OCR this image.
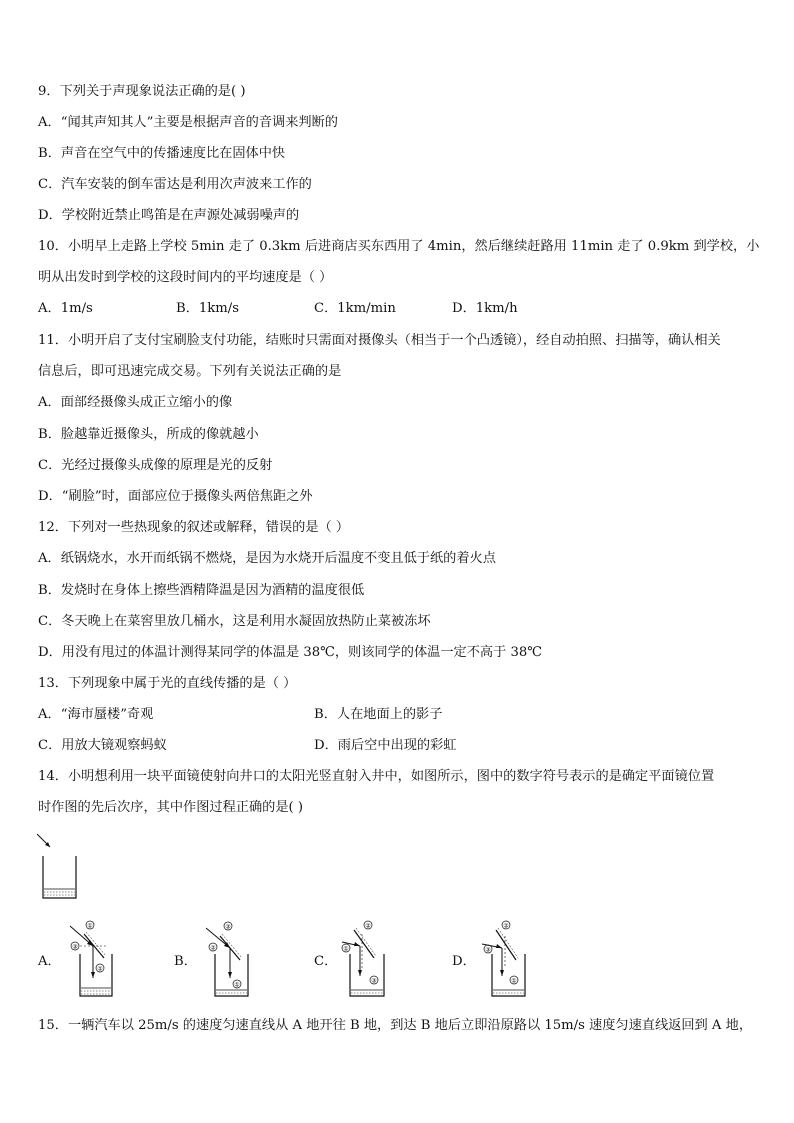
9．下列关于声现象说法正确的是( )
A．“闻其声知其人”主要是根据声音的音调来判断的
B．声音在空气中的传播速度比在固体中快
C．汽车安装的倒车雷达是利用次声波来工作的
D．学校附近禁止鸣笛是在声源处减弱噪声的
10．小明早上走路上学校 5min 走了 0.3km 后进商店买东西用了 4min，然后继续赶路用 11min 走了 0.9km 到学校，小
明从出发时到学校的这段时间内的平均速度是（ ）
A．1m/s	B．1km/s	C．1km/min	D．1km/h
11．小明开启了支付宝刷脸支付功能，结账时只需面对摄像头（相当于一个凸透镜），经自动拍照、扫描等，确认相关
信息后，即可迅速完成交易。下列有关说法正确的是
A．面部经摄像头成正立缩小的像
B．脸越靠近摄像头，所成的像就越小
C．光经过摄像头成像的原理是光的反射
D．“刷脸”时，面部应位于摄像头两倍焦距之外
12．下列对一些热现象的叙述或解释，错误的是（ ）
A．纸锅烧水，水开而纸锅不燃烧，是因为水烧开后温度不变且低于纸的着火点
B．发烧时在身体上擦些酒精降温是因为酒精的温度很低
C．冬天晚上在菜窖里放几桶水，这是利用水凝固放热防止菜被冻坏
D．用没有甩过的体温计测得某同学的体温是 38℃，则该同学的体温一定不高于 38℃
13．下列现象中属于光的直线传播的是（ ）
A．“海市蜃楼”奇观	B．人在地面上的影子
C．用放大镜观察蚂蚁	D．雨后空中出现的彩虹
14．小明想利用一块平面镜使射向井口的太阳光竖直射入井中，如图所示，图中的数字符号表示的是确定平面镜位置
时作图的先后次序，其中作图过程正确的是( )
A．
①
③
②	B．
③
②
①
C．
②
①
③
D．
②
③
①
15．一辆汽车以 25m/s 的速度匀速直线从 A 地开往 B 地，到达 B 地后立即沿原路以 15m/s 速度匀速直线返回到 A 地，
